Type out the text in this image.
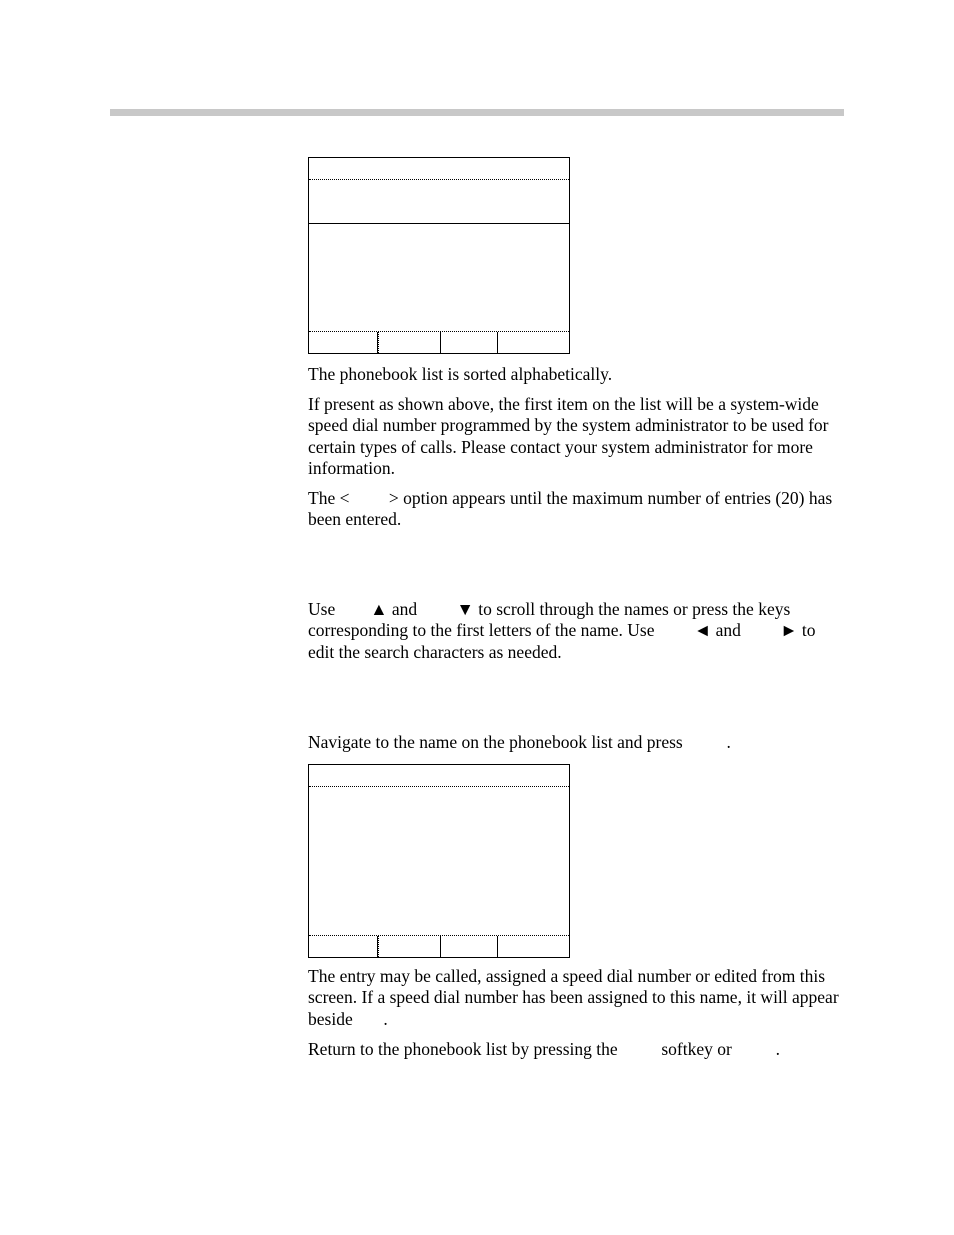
The phonebook list is sorted alphabetically.

If present as shown above, the first item on the list will be a system-wide speed dial number programmed by the system administrator to be used for certain types of calls. Please contact your system administrator for more information.

The <         > option appears until the maximum number of entries (20) has been entered.

Use        ▲ and         ▼ to scroll through the names or press the keys corresponding to the first letters of the name. Use         ◄ and         ► to edit the search characters as needed.

Navigate to the name on the phonebook list and press          .

The entry may be called, assigned a speed dial number or edited from this screen. If a speed dial number has been assigned to this name, it will appear beside       .

Return to the phonebook list by pressing the          softkey or          .
